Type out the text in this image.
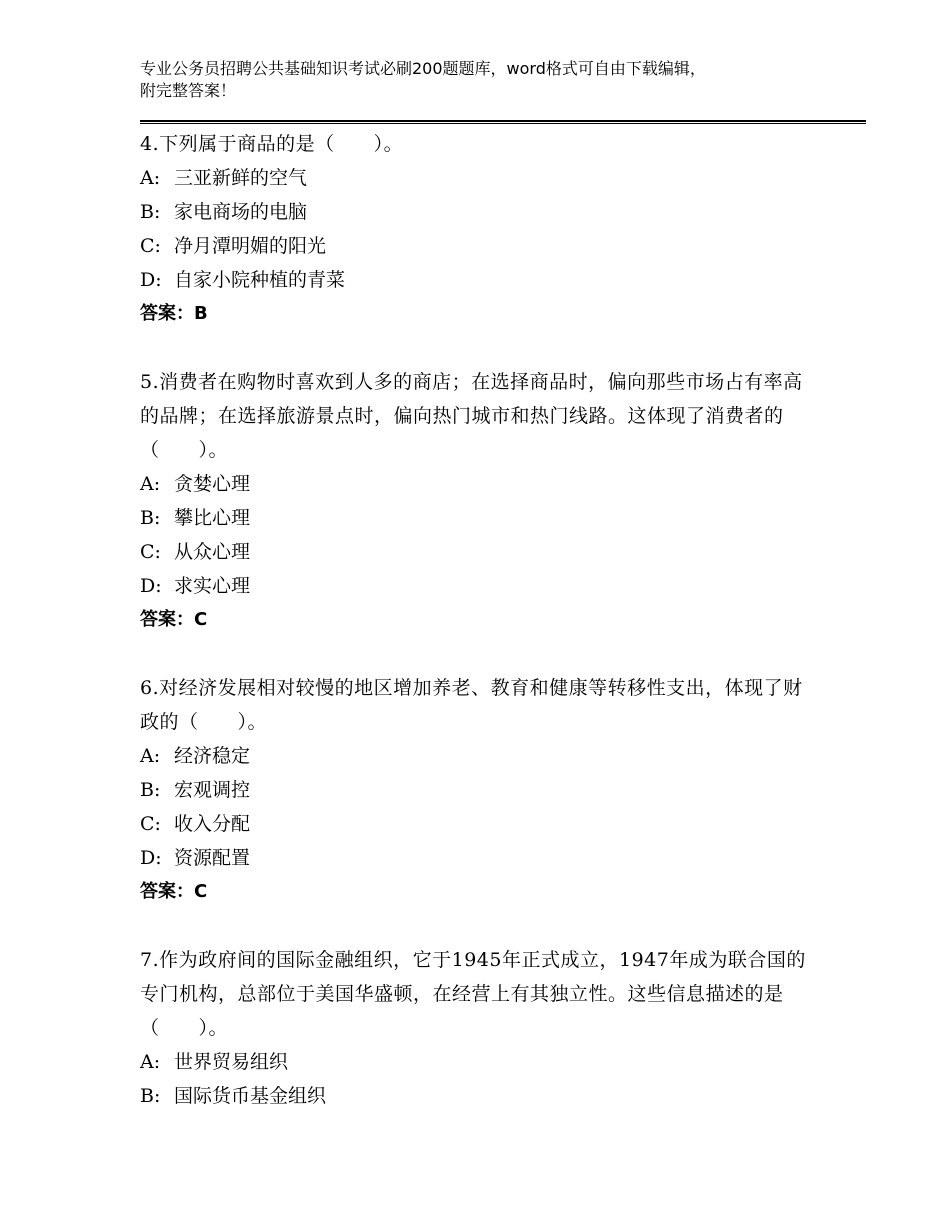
专业公务员招聘公共基础知识考试必刷200题题库，word格式可自由下载编辑，
附完整答案！

4.下列属于商品的是（　　）。

A: 三亚新鲜的空气

B: 家电商场的电脑

C: 净月潭明媚的阳光

D: 自家小院种植的青菜

答案：B

5.消费者在购物时喜欢到人多的商店；在选择商品时，偏向那些市场占有率高的品牌；在选择旅游景点时，偏向热门城市和热门线路。这体现了消费者的（　　）。

A: 贪婪心理

B: 攀比心理

C: 从众心理

D: 求实心理

答案：C

6.对经济发展相对较慢的地区增加养老、教育和健康等转移性支出，体现了财政的（　　）。

A: 经济稳定

B: 宏观调控

C: 收入分配

D: 资源配置

答案：C

7.作为政府间的国际金融组织，它于1945年正式成立，1947年成为联合国的专门机构，总部位于美国华盛顿，在经营上有其独立性。这些信息描述的是（　　）。

A: 世界贸易组织

B: 国际货币基金组织
